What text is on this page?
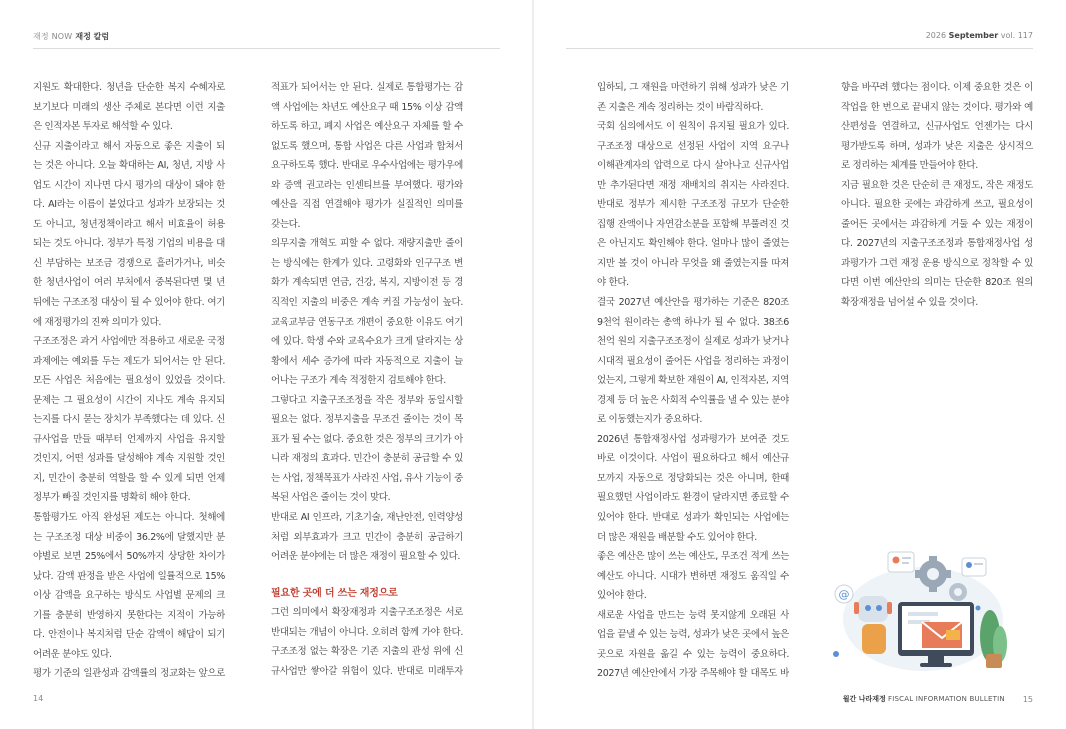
재정 NOW 재정 칼럼

지원도 확대한다. 청년을 단순한 복지 수혜자로 보기보다 미래의 생산 주체로 본다면 이런 지출은 인적자본 투자로 해석할 수 있다.

신규 지출이라고 해서 자동으로 좋은 지출이 되는 것은 아니다. 오늘 확대하는 AI, 청년, 지방 사업도 시간이 지나면 다시 평가의 대상이 돼야 한다. AI라는 이름이 붙었다고 성과가 보장되는 것도 아니고, 청년정책이라고 해서 비효율이 허용되는 것도 아니다. 정부가 특정 기업의 비용을 대신 부담하는 보조금 경쟁으로 흘러가거나, 비슷한 청년사업이 여러 부처에서 중복된다면 몇 년 뒤에는 구조조정 대상이 될 수 있어야 한다. 여기에 재정평가의 진짜 의미가 있다.

구조조정은 과거 사업에만 적용하고 새로운 국정과제에는 예외를 두는 제도가 되어서는 안 된다. 모든 사업은 처음에는 필요성이 있었을 것이다. 문제는 그 필요성이 시간이 지나도 계속 유지되는지를 다시 묻는 장치가 부족했다는 데 있다. 신규사업을 만들 때부터 언제까지 사업을 유지할 것인지, 어떤 성과를 달성해야 계속 지원할 것인지, 민간이 충분히 역할을 할 수 있게 되면 언제 정부가 빠질 것인지를 명확히 해야 한다.

통합평가도 아직 완성된 제도는 아니다. 첫해에는 구조조정 대상 비중이 36.2%에 달했지만 분야별로 보면 25%에서 50%까지 상당한 차이가 났다. 감액 판정을 받은 사업에 일률적으로 15% 이상 감액을 요구하는 방식도 사업별 문제의 크기를 충분히 반영하지 못한다는 지적이 가능하다. 안전이나 복지처럼 단순 감액이 해답이 되기 어려운 분야도 있다.

평가 기준의 일관성과 감액률의 정교화는 앞으로

적표가 되어서는 안 된다. 실제로 통합평가는 감액 사업에는 차년도 예산요구 때 15% 이상 감액하도록 하고, 폐지 사업은 예산요구 자체를 할 수 없도록 했으며, 통합 사업은 다른 사업과 합쳐서 요구하도록 했다. 반대로 우수사업에는 평가우에와 증액 권고라는 인센티브를 부여했다. 평가와 예산을 직접 연결해야 평가가 실질적인 의미를 갖는다.

의무지출 개혁도 피할 수 없다. 재량지출만 줄이는 방식에는 한계가 있다. 고령화와 인구구조 변화가 계속되면 연금, 건강, 복지, 지방이전 등 경직적인 지출의 비중은 계속 커질 가능성이 높다. 교육교부금 연동구조 개편이 중요한 이유도 여기에 있다. 학생 수와 교육수요가 크게 달라지는 상황에서 세수 증가에 따라 자동적으로 지출이 늘어나는 구조가 계속 적정한지 검토해야 한다.

그렇다고 지출구조조정을 작은 정부와 동일시할 필요는 없다. 정부지출을 무조건 줄이는 것이 목표가 될 수는 없다. 중요한 것은 정부의 크기가 아니라 재정의 효과다. 민간이 충분히 공급할 수 있는 사업, 정책목표가 사라진 사업, 유사 기능이 중복된 사업은 줄이는 것이 맞다.

반대로 AI 인프라, 기초기술, 재난안전, 인력양성처럼 외부효과가 크고 민간이 충분히 공급하기 어려운 분야에는 더 많은 재정이 필요할 수 있다.

필요한 곳에 더 쓰는 재정으로

그런 의미에서 확장재정과 지출구조조정은 서로 반대되는 개념이 아니다. 오히려 함께 가야 한다. 구조조정 없는 확장은 기존 지출의 관성 위에 신규사업만 쌓아갈 위험이 있다. 반대로 미래투자

14
2026 September vol. 117

입하되, 그 재원을 마련하기 위해 성과가 낮은 기존 지출은 계속 정리하는 것이 바람직하다.

국회 심의에서도 이 원칙이 유지될 필요가 있다. 구조조정 대상으로 선정된 사업이 지역 요구나 이해관계자의 압력으로 다시 살아나고 신규사업만 추가된다면 재정 재배치의 취지는 사라진다. 반대로 정부가 제시한 구조조정 규모가 단순한 집행 잔액이나 자연감소분을 포함해 부풀려진 것은 아닌지도 확인해야 한다. 얼마나 많이 줄였는지만 볼 것이 아니라 무엇을 왜 줄였는지를 따져야 한다.

결국 2027년 예산안을 평가하는 기준은 820조 9천억 원이라는 총액 하나가 될 수 없다. 38조6천억 원의 지출구조조정이 실제로 성과가 낮거나 시대적 필요성이 줄어든 사업을 정리하는 과정이었는지, 그렇게 확보한 재원이 AI, 인적자본, 지역경제 등 더 높은 사회적 수익률을 낼 수 있는 분야로 이동했는지가 중요하다.

2026년 통합재정사업 성과평가가 보여준 것도 바로 이것이다. 사업이 필요하다고 해서 예산규모까지 자동으로 정당화되는 것은 아니며, 한때 필요했던 사업이라도 환경이 달라지면 종료할 수 있어야 한다. 반대로 성과가 확인되는 사업에는 더 많은 재원을 배분할 수도 있어야 한다.

좋은 예산은 많이 쓰는 예산도, 무조건 적게 쓰는 예산도 아니다. 시대가 변하면 재정도 움직일 수 있어야 한다.

새로운 사업을 만드는 능력 못지않게 오래된 사업을 끝낼 수 있는 능력, 성과가 낮은 곳에서 높은 곳으로 자원을 옮길 수 있는 능력이 중요하다. 2027년 예산안에서 가장 주목해야 할 대목도 바

향을 바꾸려 했다는 점이다. 이제 중요한 것은 이 작업을 한 번으로 끝내지 않는 것이다. 평가와 예산편성을 연결하고, 신규사업도 언젠가는 다시 평가받도록 하며, 성과가 낮은 지출은 상시적으로 정리하는 체계를 만들어야 한다.

지금 필요한 것은 단순히 큰 재정도, 작은 재정도 아니다. 필요한 곳에는 과감하게 쓰고, 필요성이 줄어든 곳에서는 과감하게 거둘 수 있는 재정이다. 2027년의 지출구조조정과 통합재정사업 성과평가가 그런 재정 운용 방식으로 정착할 수 있다면 이번 예산안의 의미는 단순한 820조 원의 확장재정을 넘어설 수 있을 것이다.

월간 나라재정 FISCAL INFORMATION BULLETIN 15
@
